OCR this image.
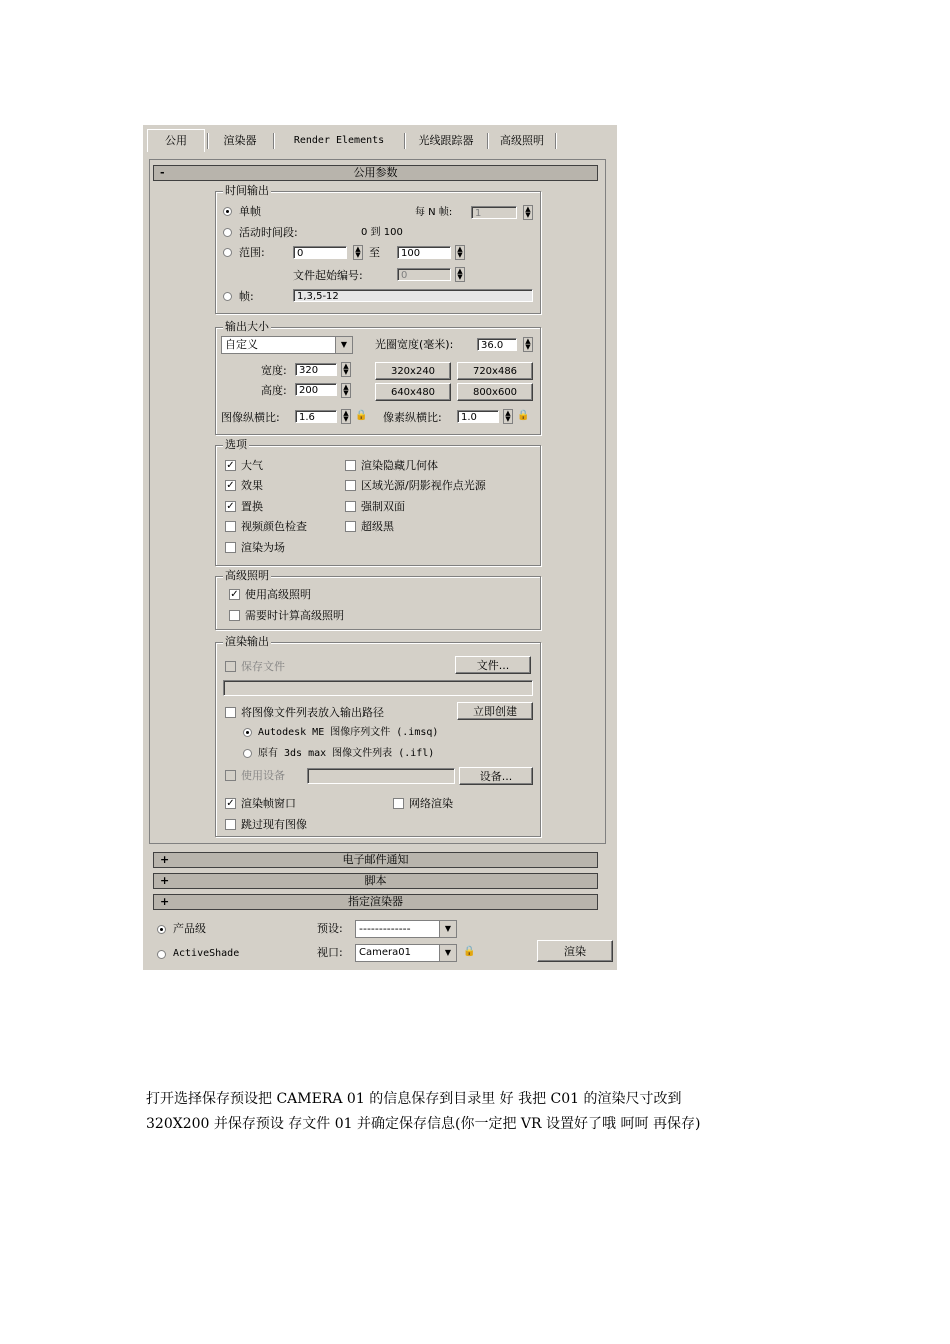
公用	渲染器	Render Elements	光线跟踪器	高级照明
-	公用参数
时间输出
单帧	每 N 帧:	1	▲
▼
活动时间段:	0 到 100
范围:	0	▲
▼ 至	100	▲
▼
文件起始编号:	0	▲
▼
帧:	1,3,5-12
输出大小
自定义	▼	光圈宽度(毫米):	36.0	▲
▼
宽度:	320	▲
▼	320x240	720x486
高度:	200	▲
▼	640x480	800x600
图像纵横比:	1.6	▲
▼ 🔒 像素纵横比:	1.0	▲
▼ 🔒
选项
✓ 大气
✓ 效果
✓ 置换
视频颜色检查
渲染为场
渲染隐藏几何体
区域光源/阴影视作点光源
强制双面
超级黑
高级照明
✓ 使用高级照明
需要时计算高级照明
渲染输出
保存文件	文件...
将图像文件列表放入输出路径	立即创建
Autodesk ME 图像序列文件 (.imsq)
原有 3ds max 图像文件列表 (.ifl)
使用设备	设备...
✓ 渲染帧窗口	网络渲染
跳过现有图像
+	电子邮件通知
+	脚本
+	指定渲染器
产品级
ActiveShade
预设:	-------------	▼
视口:	Camera01	▼	🔒	渲染
打开选择保存预设把 CAMERA 01 的信息保存到目录里 好 我把 C01 的渲染尺寸改到
320X200 并保存预设 存文件 01 并确定保存信息(你一定把 VR 设置好了哦 呵呵 再保存)
